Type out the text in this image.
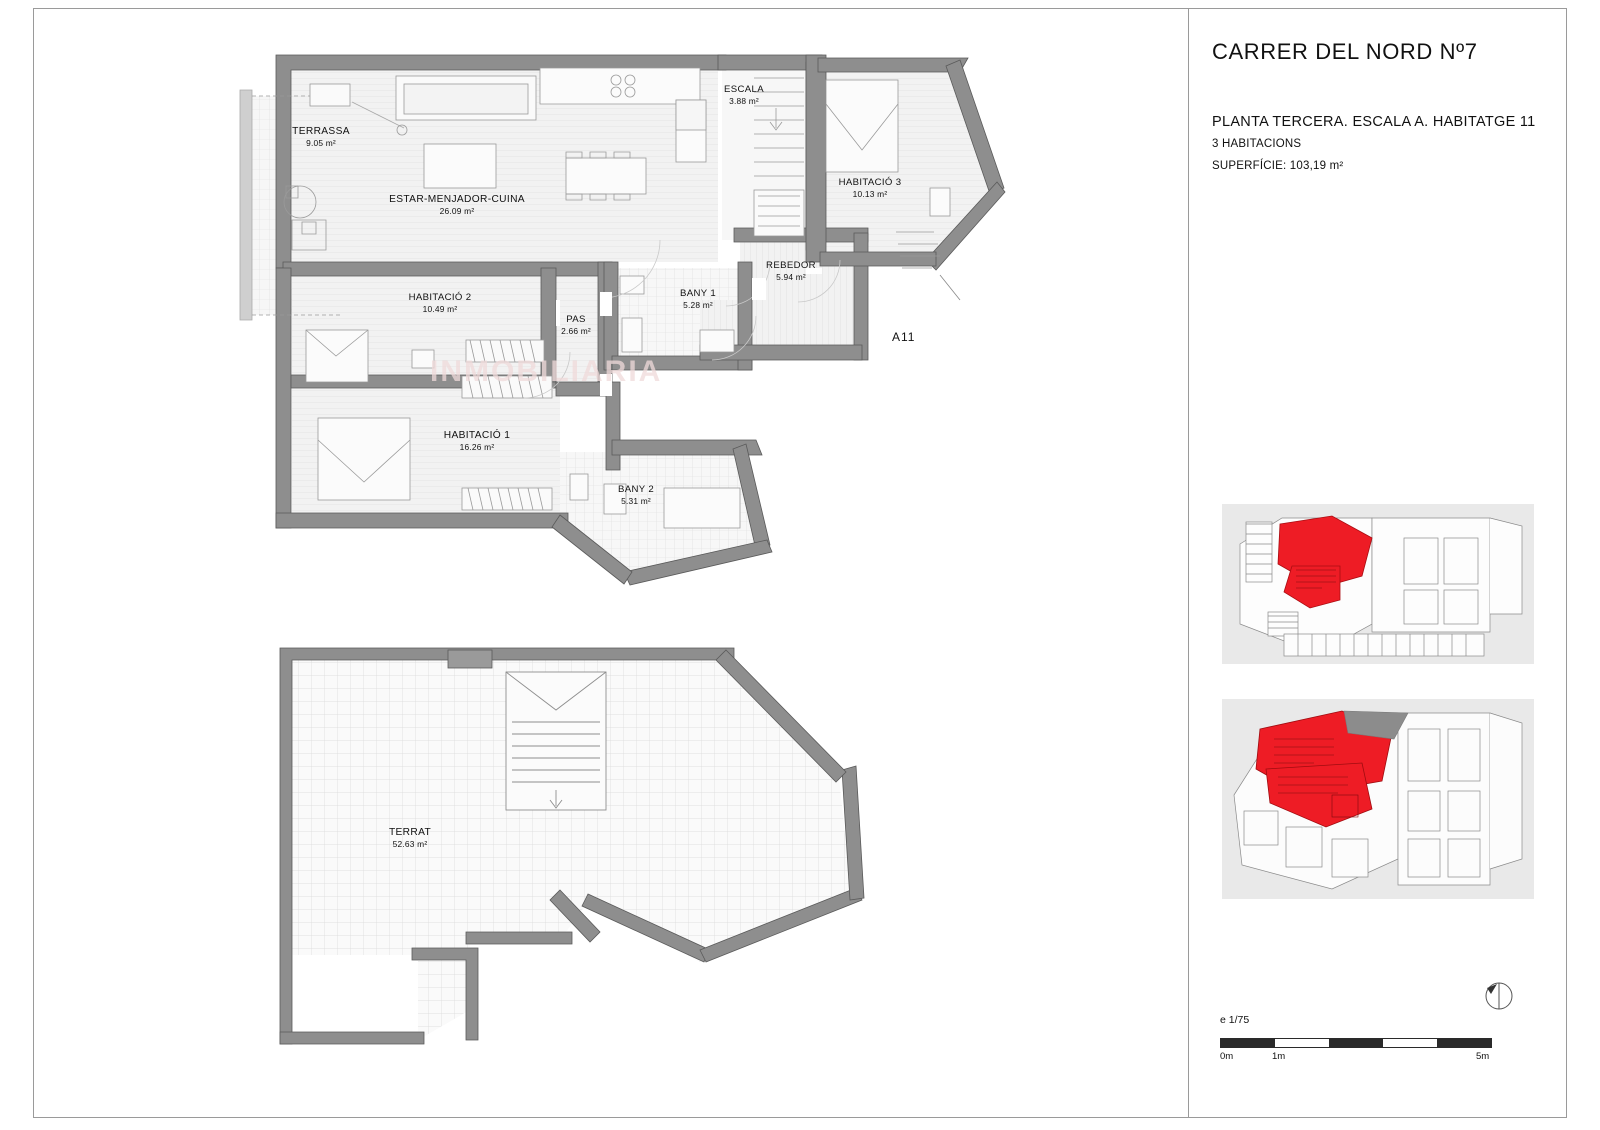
TERRASSA
9.05 m²
ESTAR-MENJADOR-CUINA
26.09 m²
ESCALA
3.88 m²
HABITACIÓ 3
10.13 m²
REBEDOR
5.94 m²
HABITACIÓ 2
10.49 m²
PAS
2.66 m²
BANY 1
5.28 m²
HABITACIÓ 1
16.26 m²
BANY 2
5.31 m²
TERRAT
52.63 m²
A11
INMOBILIARIA
CARRER DEL NORD Nº7
PLANTA TERCERA. ESCALA A. HABITATGE 11
3 HABITACIONS
SUPERFÍCIE: 103,19 m²
e 1/75
0m	1m	5m
